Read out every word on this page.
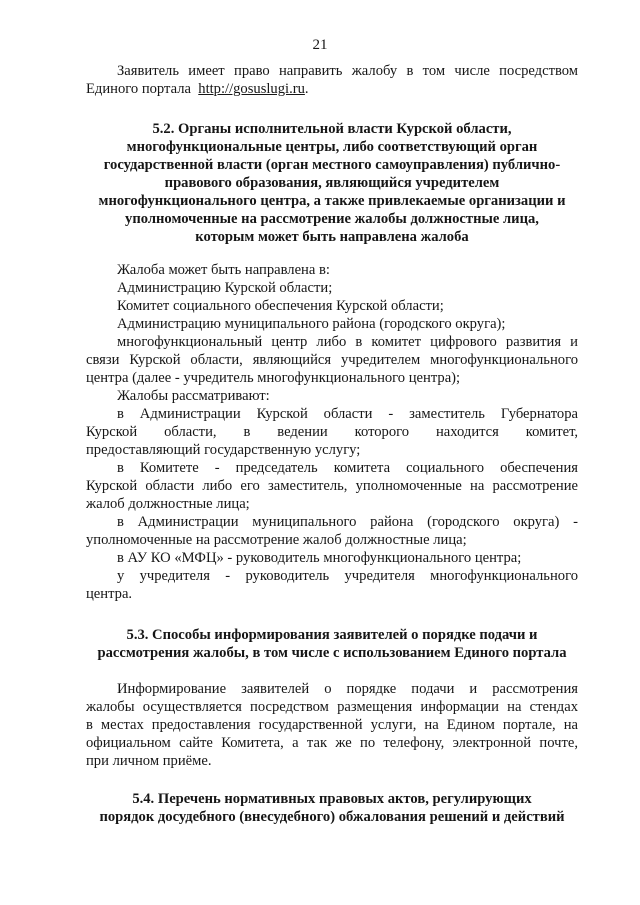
21
Заявитель имеет право направить жалобу в том числе посредством
Единого портала  http://gosuslugi.ru.
5.2. Органы исполнительной власти Курской области,
многофункциональные центры, либо соответствующий орган
государственной власти (орган местного самоуправления) публично-
правового образования, являющийся учредителем
многофункционального центра, а также привлекаемые организации и
уполномоченные на рассмотрение жалобы должностные лица,
которым может быть направлена жалоба
Жалоба может быть направлена в:
Администрацию Курской области;
Комитет социального обеспечения Курской области;
Администрацию муниципального района (городского округа);
многофункциональный центр либо в комитет цифрового развития и
связи Курской области, являющийся учредителем многофункционального
центра (далее - учредитель многофункционального центра);
Жалобы рассматривают:
в Администрации Курской области - заместитель Губернатора
Курской области, в ведении которого находится комитет,
предоставляющий государственную услугу;
в Комитете - председатель комитета социального обеспечения
Курской области либо его заместитель, уполномоченные на рассмотрение
жалоб должностные лица;
в Администрации муниципального района (городского округа) -
уполномоченные на рассмотрение жалоб должностные лица;
в АУ КО «МФЦ» - руководитель многофункционального центра;
у учредителя - руководитель учредителя многофункционального
центра.
5.3. Способы информирования заявителей о порядке подачи и
рассмотрения жалобы, в том числе с использованием Единого портала
Информирование заявителей о порядке подачи и рассмотрения
жалобы осуществляется посредством размещения информации на стендах
в местах предоставления государственной услуги, на Едином портале, на
официальном сайте Комитета, а так же по телефону, электронной почте,
при личном приёме.
5.4. Перечень нормативных правовых актов, регулирующих
порядок досудебного (внесудебного) обжалования решений и действий
